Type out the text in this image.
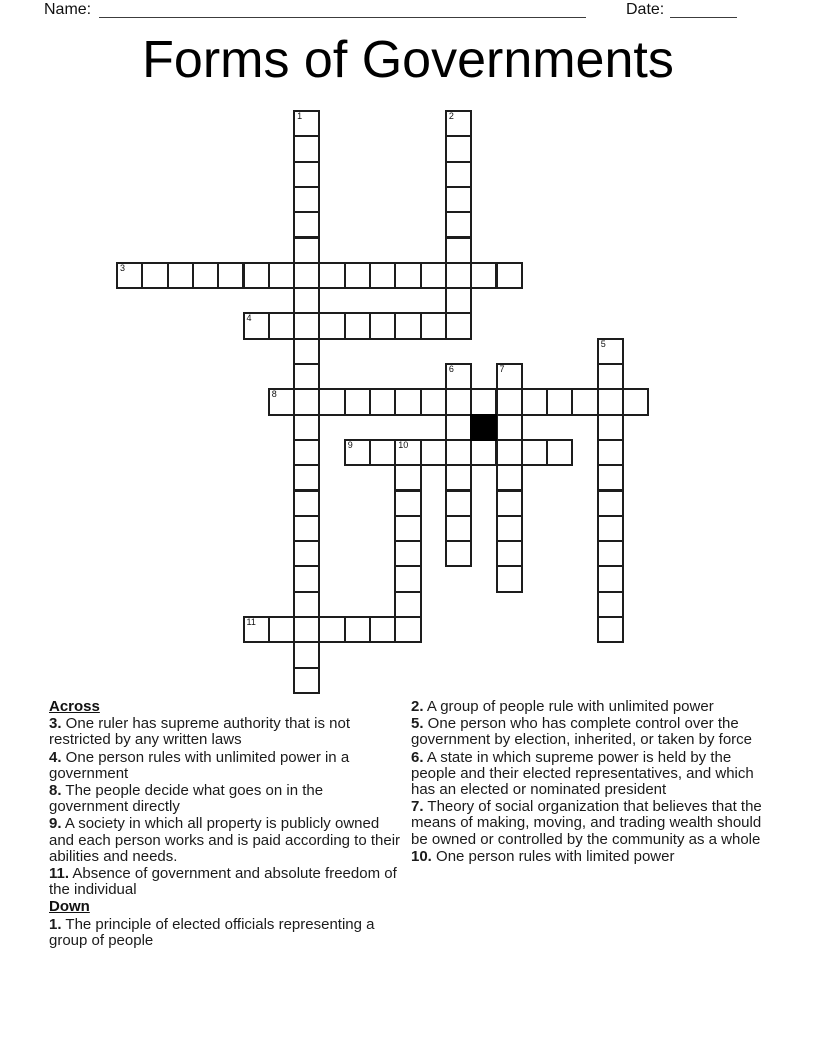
Name:	Date:
Forms of Governments
1	2
3
4
5
6	7
8
9	10
11
Across
3. One ruler has supreme authority that is not restricted by any written laws
4. One person rules with unlimited power in a government
8. The people decide what goes on in the government directly
9. A society in which all property is publicly owned and each person works and is paid according to their abilities and needs.
11. Absence of government and absolute freedom of the individual
Down
1. The principle of elected officials representing a group of people
2. A group of people rule with unlimited power
5. One person who has complete control over the government by election, inherited, or taken by force
6. A state in which supreme power is held by the people and their elected representatives, and which has an elected or nominated president
7. Theory of social organization that believes that the means of making, moving, and trading wealth should be owned or controlled by the community as a whole
10. One person rules with limited power
